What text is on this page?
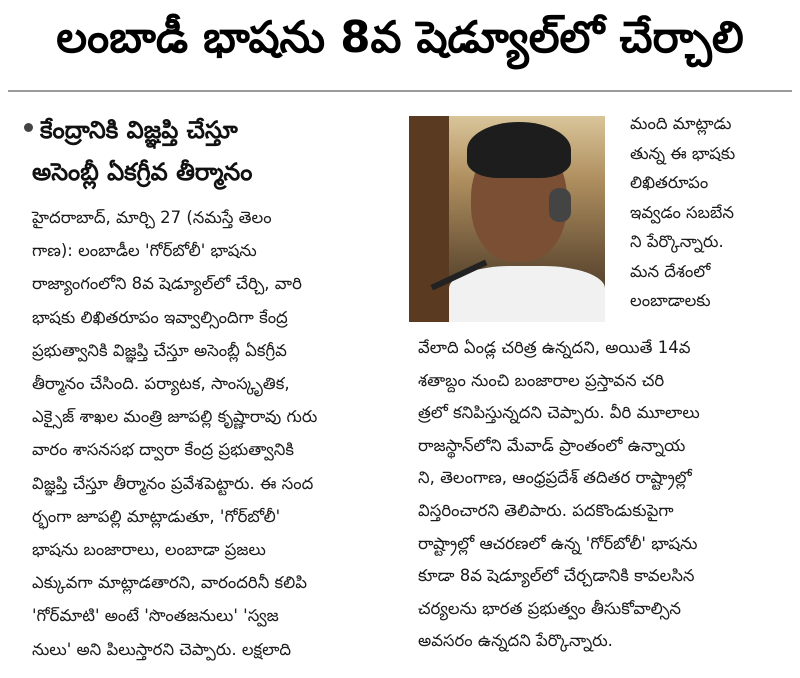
లంబాడీ భాషను 8వ షెడ్యూల్‌లో చేర్చాలి
కేంద్రానికి విజ్ఞప్తి చేస్తూ
అసెంబ్లీ ఏకగ్రీవ తీర్మానం
హైదరాబాద్, మార్చి 27 (నమస్తే తెలం
గాణ): లంబాడీల 'గోర్‌బోలీ' భాషను
రాజ్యాంగంలోని 8వ షెడ్యూల్‌లో చేర్చి, వారి
భాషకు లిఖితరూపం ఇవ్వాల్సిందిగా కేంద్ర
ప్రభుత్వానికి విజ్ఞప్తి చేస్తూ అసెంబ్లీ ఏకగ్రీవ
తీర్మానం చేసింది. పర్యాటక, సాంస్కృతిక,
ఎక్సైజ్ శాఖల మంత్రి జూపల్లి కృష్ణారావు గురు
వారం శాసనసభ ద్వారా కేంద్ర ప్రభుత్వానికి
విజ్ఞప్తి చేస్తూ తీర్మానం ప్రవేశపెట్టారు. ఈ సంద
ర్భంగా జూపల్లి మాట్లాడుతూ, 'గోర్‌బోలీ'
భాషను బంజారాలు, లంబాడా ప్రజలు
ఎక్కువగా మాట్లాడతారని, వారందరినీ కలిపి
'గోర్‌మాటి' అంటే 'సొంతజనులు' 'స్వజ
నులు' అని పిలుస్తారని చెప్పారు. లక్షలాది
మంది మాట్లాడు
తున్న ఈ భాషకు
లిఖితరూపం
ఇవ్వడం సబబేన
ని పేర్కొన్నారు.
మన దేశంలో
లంబాడాలకు
వేలాది ఏండ్ల చరిత్ర ఉన్నదని, అయితే 14వ
శతాబ్దం నుంచి బంజారాల ప్రస్తావన చరి
త్రలో కనిపిస్తున్నదని చెప్పారు. వీరి మూలాలు
రాజస్థాన్‌లోని మేవాడ్ ప్రాంతంలో ఉన్నాయ
ని, తెలంగాణ, ఆంధ్రప్రదేశ్ తదితర రాష్ట్రాల్లో
విస్తరించారని తెలిపారు. పదకొండుకుపైగా
రాష్ట్రాల్లో ఆచరణలో ఉన్న 'గోర్‌బోలీ' భాషను
కూడా 8వ షెడ్యూల్‌లో చేర్చడానికి కావలసిన
చర్యలను భారత ప్రభుత్వం తీసుకోవాల్సిన
అవసరం ఉన్నదని పేర్కొన్నారు.
